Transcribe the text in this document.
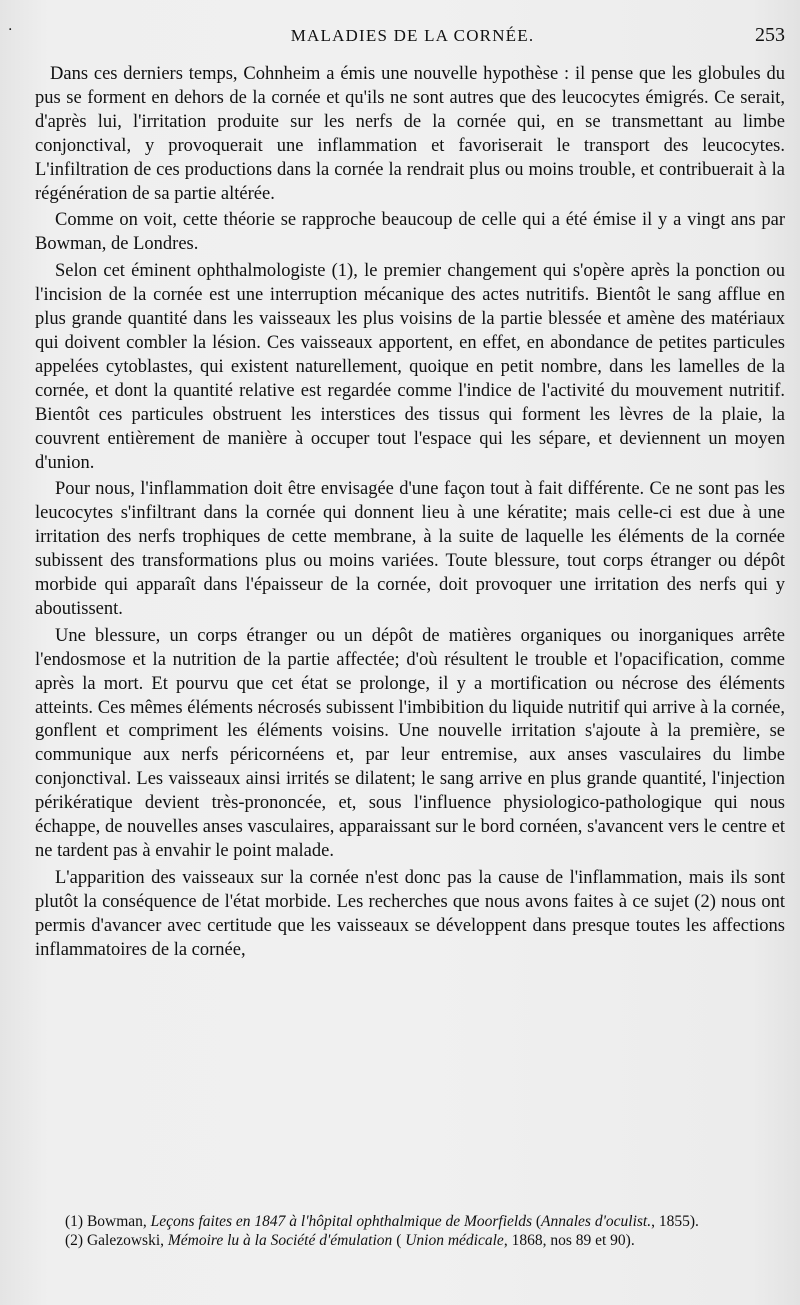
.	MALADIES DE LA CORNÉE.	253

Dans ces derniers temps, Cohnheim a émis une nouvelle hypothèse : il pense que les globules du pus se forment en dehors de la cornée et qu'ils ne sont autres que des leucocytes émigrés. Ce serait, d'après lui, l'irritation produite sur les nerfs de la cornée qui, en se transmettant au limbe conjonctival, y provoquerait une inflammation et favoriserait le transport des leucocytes. L'infiltration de ces productions dans la cornée la rendrait plus ou moins trouble, et contribuerait à la régénération de sa partie altérée.

Comme on voit, cette théorie se rapproche beaucoup de celle qui a été émise il y a vingt ans par Bowman, de Londres.

Selon cet éminent ophthalmologiste (1), le premier changement qui s'opère après la ponction ou l'incision de la cornée est une interruption mécanique des actes nutritifs. Bientôt le sang afflue en plus grande quantité dans les vaisseaux les plus voisins de la partie blessée et amène des matériaux qui doivent combler la lésion. Ces vaisseaux apportent, en effet, en abondance de petites particules appelées cytoblastes, qui existent naturellement, quoique en petit nombre, dans les lamelles de la cornée, et dont la quantité relative est regardée comme l'indice de l'activité du mouvement nutritif. Bientôt ces particules obstruent les interstices des tissus qui forment les lèvres de la plaie, la couvrent entièrement de manière à occuper tout l'espace qui les sépare, et deviennent un moyen d'union.

Pour nous, l'inflammation doit être envisagée d'une façon tout à fait différente. Ce ne sont pas les leucocytes s'infiltrant dans la cornée qui donnent lieu à une kératite; mais celle-ci est due à une irritation des nerfs trophiques de cette membrane, à la suite de laquelle les éléments de la cornée subissent des transformations plus ou moins variées. Toute blessure, tout corps étranger ou dépôt morbide qui apparaît dans l'épaisseur de la cornée, doit provoquer une irritation des nerfs qui y aboutissent.

Une blessure, un corps étranger ou un dépôt de matières organiques ou inorganiques arrête l'endosmose et la nutrition de la partie affectée; d'où résultent le trouble et l'opacification, comme après la mort. Et pourvu que cet état se prolonge, il y a mortification ou nécrose des éléments atteints. Ces mêmes éléments nécrosés subissent l'imbibition du liquide nutritif qui arrive à la cornée, gonflent et compriment les éléments voisins. Une nouvelle irritation s'ajoute à la première, se communique aux nerfs péricornéens et, par leur entremise, aux anses vasculaires du limbe conjonctival. Les vaisseaux ainsi irrités se dilatent; le sang arrive en plus grande quantité, l'injection périkératique devient très-prononcée, et, sous l'influence physiologico-pathologique qui nous échappe, de nouvelles anses vasculaires, apparaissant sur le bord cornéen, s'avancent vers le centre et ne tardent pas à envahir le point malade.

L'apparition des vaisseaux sur la cornée n'est donc pas la cause de l'inflammation, mais ils sont plutôt la conséquence de l'état morbide. Les recherches que nous avons faites à ce sujet (2) nous ont permis d'avancer avec certitude que les vaisseaux se développent dans presque toutes les affections inflammatoires de la cornée,

(1) Bowman, Leçons faites en 1847 à l'hôpital ophthalmique de Moorfields (Annales d'oculist., 1855).

(2) Galezowski, Mémoire lu à la Société d'émulation ( Union médicale, 1868, nos 89 et 90).
